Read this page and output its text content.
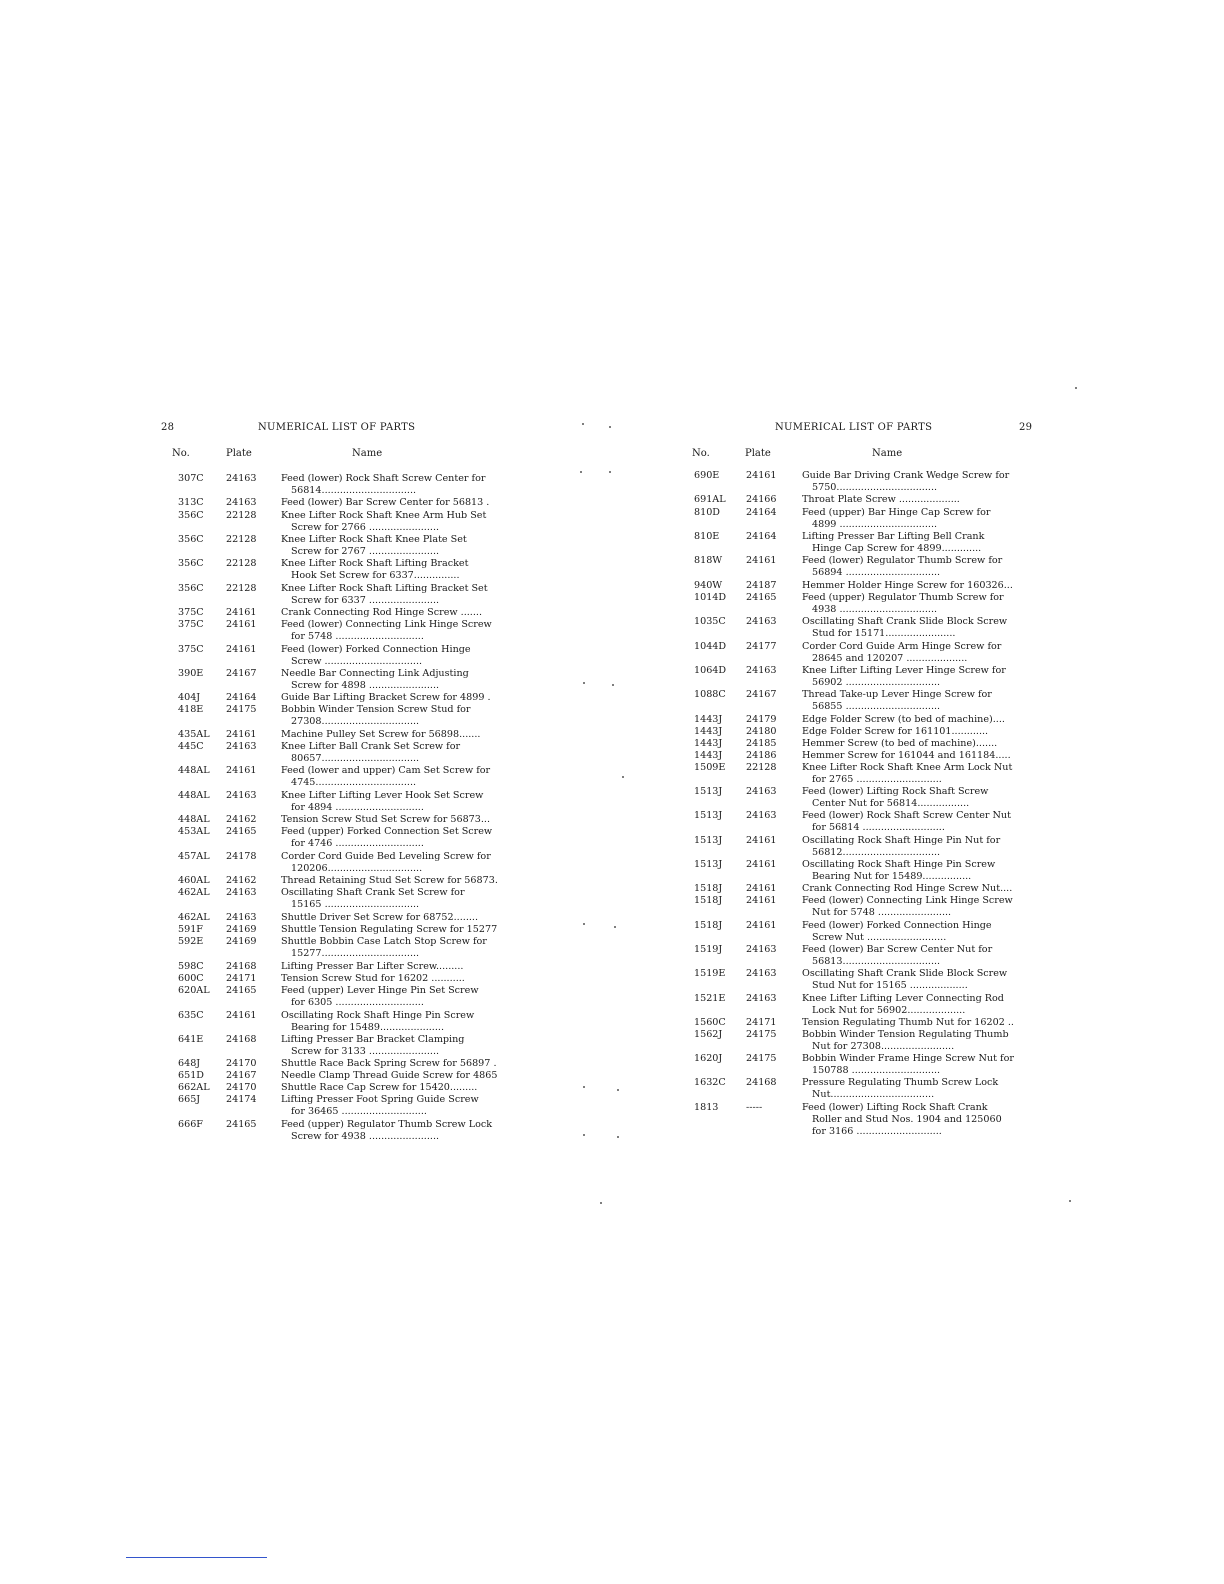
28	NUMERICAL LIST OF PARTS
No.	Plate	Name
NUMERICAL LIST OF PARTS	29
No.	Plate	Name
307C 24163	Feed (lower) Rock Shaft Screw Center for
56814...............................
313C 24163	Feed (lower) Bar Screw Center for 56813 .
356C 22128	Knee Lifter Rock Shaft Knee Arm Hub Set
Screw for 2766 .......................
356C 22128	Knee Lifter Rock Shaft Knee Plate Set
Screw for 2767 .......................
356C 22128	Knee Lifter Rock Shaft Lifting Bracket
Hook Set Screw for 6337...............
356C 22128	Knee Lifter Rock Shaft Lifting Bracket Set
Screw for 6337 .......................
375C 24161	Crank Connecting Rod Hinge Screw .......
375C 24161	Feed (lower) Connecting Link Hinge Screw
for 5748 .............................
375C 24161	Feed (lower) Forked Connection Hinge
Screw ................................
390E 24167	Needle Bar Connecting Link Adjusting
Screw for 4898 .......................
404J	24164	Guide Bar Lifting Bracket Screw for 4899 .
418E 24175	Bobbin Winder Tension Screw Stud for
27308................................
435AL 24161	Machine Pulley Set Screw for 56898.......
445C 24163	Knee Lifter Ball Crank Set Screw for
80657................................
448AL 24161	Feed (lower and upper) Cam Set Screw for
4745.................................
448AL 24163	Knee Lifter Lifting Lever Hook Set Screw
for 4894 .............................
448AL 24162	Tension Screw Stud Set Screw for 56873...
453AL 24165	Feed (upper) Forked Connection Set Screw
for 4746 .............................
457AL 24178	Corder Cord Guide Bed Leveling Screw for
120206...............................
460AL 24162	Thread Retaining Stud Set Screw for 56873.
462AL 24163	Oscillating Shaft Crank Set Screw for
15165 ...............................
462AL 24163	Shuttle Driver Set Screw for 68752........
591F 24169	Shuttle Tension Regulating Screw for 15277
592E 24169	Shuttle Bobbin Case Latch Stop Screw for
15277................................
598C 24168	Lifting Presser Bar Lifter Screw.........
600C 24171	Tension Screw Stud for 16202 ...........
620AL 24165	Feed (upper) Lever Hinge Pin Set Screw
for 6305 .............................
635C 24161	Oscillating Rock Shaft Hinge Pin Screw
Bearing for 15489.....................
641E 24168	Lifting Presser Bar Bracket Clamping
Screw for 3133 .......................
648J	24170	Shuttle Race Back Spring Screw for 56897 .
651D 24167	Needle Clamp Thread Guide Screw for 4865
662AL 24170	Shuttle Race Cap Screw for 15420.........
665J	24174	Lifting Presser Foot Spring Guide Screw
for 36465 ............................
666F 24165	Feed (upper) Regulator Thumb Screw Lock
Screw for 4938 .......................
690E	24161	Guide Bar Driving Crank Wedge Screw for
5750.................................
691AL 24166	Throat Plate Screw ....................
810D	24164	Feed (upper) Bar Hinge Cap Screw for
4899 ................................
810E	24164	Lifting Presser Bar Lifting Bell Crank
Hinge Cap Screw for 4899.............
818W 24161	Feed (lower) Regulator Thumb Screw for
56894 ...............................
940W 24187	Hemmer Holder Hinge Screw for 160326...
1014D 24165	Feed (upper) Regulator Thumb Screw for
4938 ................................
1035C 24163	Oscillating Shaft Crank Slide Block Screw
Stud for 15171.......................
1044D 24177	Corder Cord Guide Arm Hinge Screw for
28645 and 120207 ....................
1064D 24163	Knee Lifter Lifting Lever Hinge Screw for
56902 ...............................
1088C 24167	Thread Take-up Lever Hinge Screw for
56855 ...............................
1443J 24179	Edge Folder Screw (to bed of machine)....
1443J 24180	Edge Folder Screw for 161101............
1443J 24185	Hemmer Screw (to bed of machine).......
1443J 24186	Hemmer Screw for 161044 and 161184.....
1509E 22128	Knee Lifter Rock Shaft Knee Arm Lock Nut
for 2765 ............................
1513J 24163	Feed (lower) Lifting Rock Shaft Screw
Center Nut for 56814.................
1513J 24163	Feed (lower) Rock Shaft Screw Center Nut
for 56814 ...........................
1513J 24161	Oscillating Rock Shaft Hinge Pin Nut for
56812................................
1513J 24161	Oscillating Rock Shaft Hinge Pin Screw
Bearing Nut for 15489................
1518J 24161	Crank Connecting Rod Hinge Screw Nut....
1518J 24161	Feed (lower) Connecting Link Hinge Screw
Nut for 5748 ........................
1518J 24161	Feed (lower) Forked Connection Hinge
Screw Nut ..........................
1519J 24163	Feed (lower) Bar Screw Center Nut for
56813................................
1519E 24163	Oscillating Shaft Crank Slide Block Screw
Stud Nut for 15165 ...................
1521E 24163	Knee Lifter Lifting Lever Connecting Rod
Lock Nut for 56902...................
1560C 24171	Tension Regulating Thumb Nut for 16202 ..
1562J 24175	Bobbin Winder Tension Regulating Thumb
Nut for 27308........................
1620J 24175	Bobbin Winder Frame Hinge Screw Nut for
150788 .............................
1632C 24168	Pressure Regulating Thumb Screw Lock
Nut..................................
1813	-----	Feed (lower) Lifting Rock Shaft Crank
Roller and Stud Nos. 1904 and 125060
for 3166 ............................
